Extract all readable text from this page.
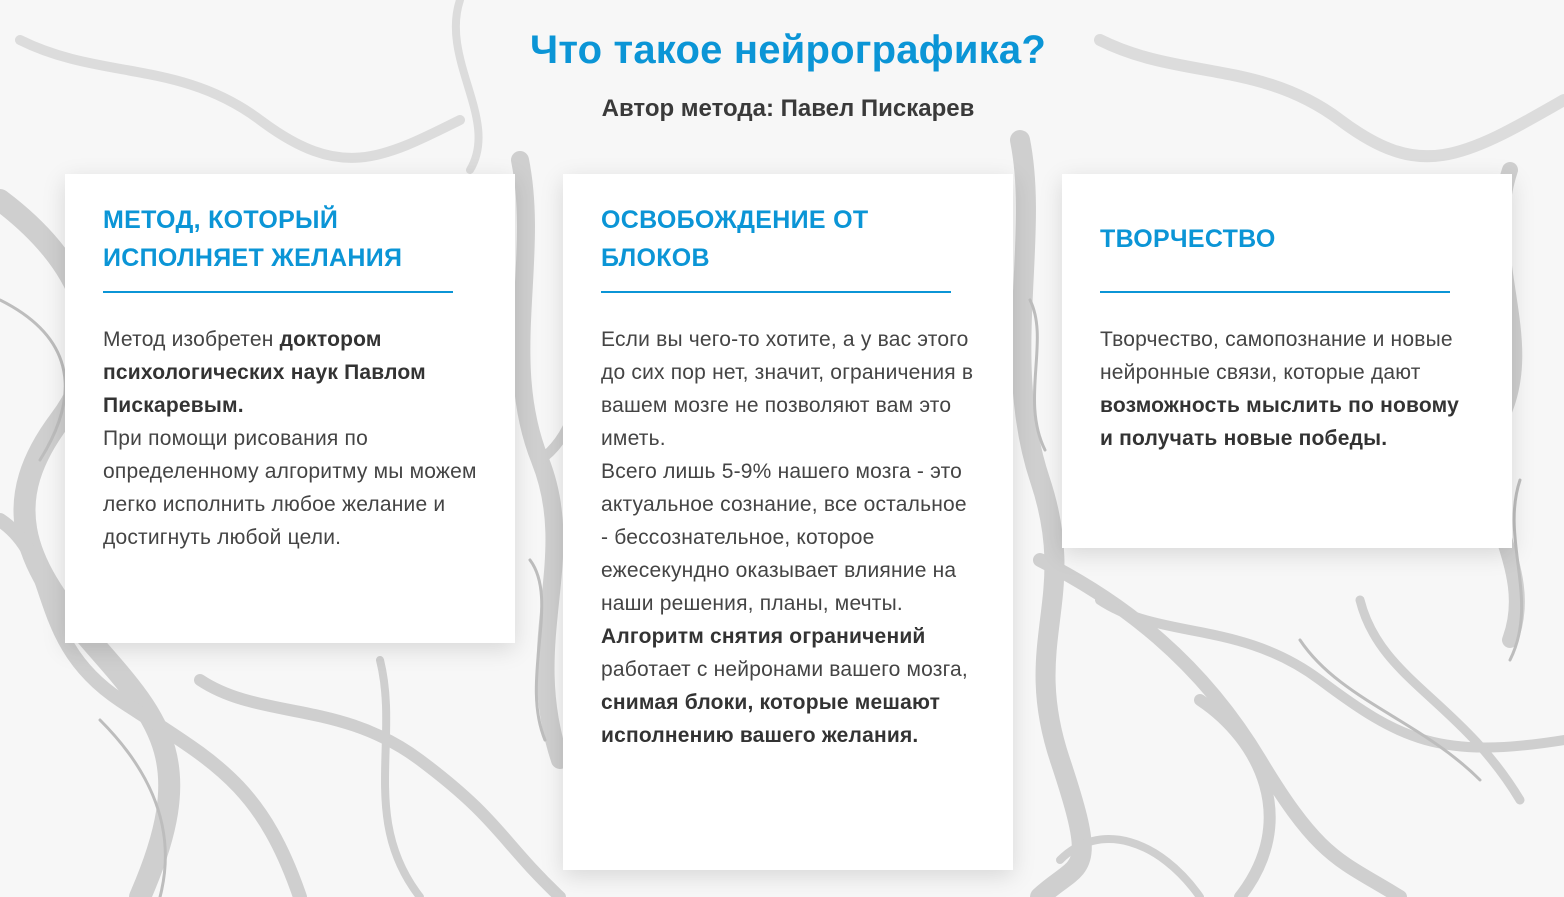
Что такое нейрографика?
Автор метода: Павел Пискарев
МЕТОД, КОТОРЫЙ
ИСПОЛНЯЕТ ЖЕЛАНИЯ
Метод изобретен доктором психологических наук Павлом Пискаревым.
При помощи рисования по определенному алгоритму мы можем легко исполнить любое желание и достигнуть любой цели.
ОСВОБОЖДЕНИЕ ОТ
БЛОКОВ
Если вы чего-то хотите, а у вас этого до сих пор нет, значит, ограничения в вашем мозге не позволяют вам это иметь.
Всего лишь 5-9% нашего мозга - это актуальное сознание, все остальное - бессознательное, которое ежесекундно оказывает влияние на наши решения, планы, мечты.
Алгоритм снятия ограничений работает с нейронами вашего мозга, снимая блоки, которые мешают исполнению вашего желания.
ТВОРЧЕСТВО
Творчество, самопознание и новые нейронные связи, которые дают возможность мыслить по новому и получать новые победы.
